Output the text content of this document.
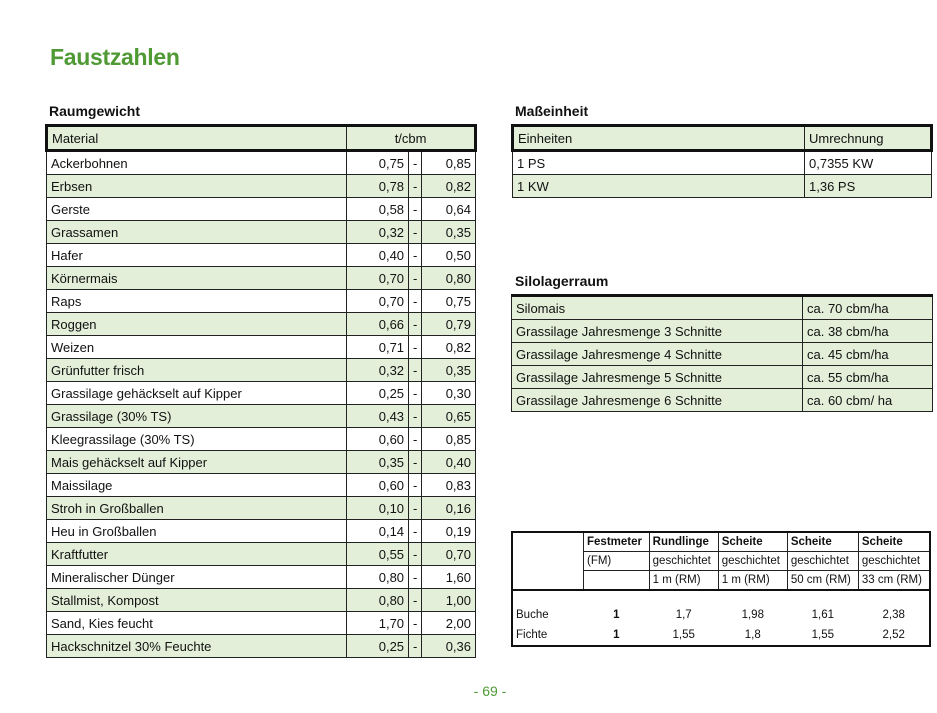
Faustzahlen
Raumgewicht
Material	t/cbm		
Ackerbohnen	0,75	-	0,85
Erbsen	0,78	-	0,82
Gerste	0,58	-	0,64
Grassamen	0,32	-	0,35
Hafer	0,40	-	0,50
Körnermais	0,70	-	0,80
Raps	0,70	-	0,75
Roggen	0,66	-	0,79
Weizen	0,71	-	0,82
Grünfutter frisch	0,32	-	0,35
Grassilage gehäckselt auf Kipper	0,25	-	0,30
Grassilage (30% TS)	0,43	-	0,65
Kleegrassilage (30% TS)	0,60	-	0,85
Mais gehäckselt auf Kipper	0,35	-	0,40
Maissilage	0,60	-	0,83
Stroh in Großballen	0,10	-	0,16
Heu in Großballen	0,14	-	0,19
Kraftfutter	0,55	-	0,70
Mineralischer Dünger	0,80	-	1,60
Stallmist, Kompost	0,80	-	1,00
Sand, Kies feucht	1,70	-	2,00
Hackschnitzel 30% Feuchte	0,25	-	0,36
Maßeinheit
Einheiten	Umrechnung
1 PS	0,7355 KW
1 KW	1,36 PS
Silolagerraum
Silomais	ca. 70 cbm/ha
Grassilage Jahresmenge 3 Schnitte	ca. 38 cbm/ha
Grassilage Jahresmenge 4 Schnitte	ca. 45 cbm/ha
Grassilage Jahresmenge 5 Schnitte	ca. 55 cbm/ha
Grassilage Jahresmenge 6 Schnitte	ca. 60 cbm/ ha
	Festmeter	Rundlinge	Scheite	Scheite	Scheite
	(FM)	geschichtet	geschichtet	geschichtet	geschichtet
		1 m (RM)	1 m (RM)	50 cm (RM)	33 cm (RM)

Buche	1	1,7	1,98	1,61	2,38
Fichte	1	1,55	1,8	1,55	2,52
- 69 -
